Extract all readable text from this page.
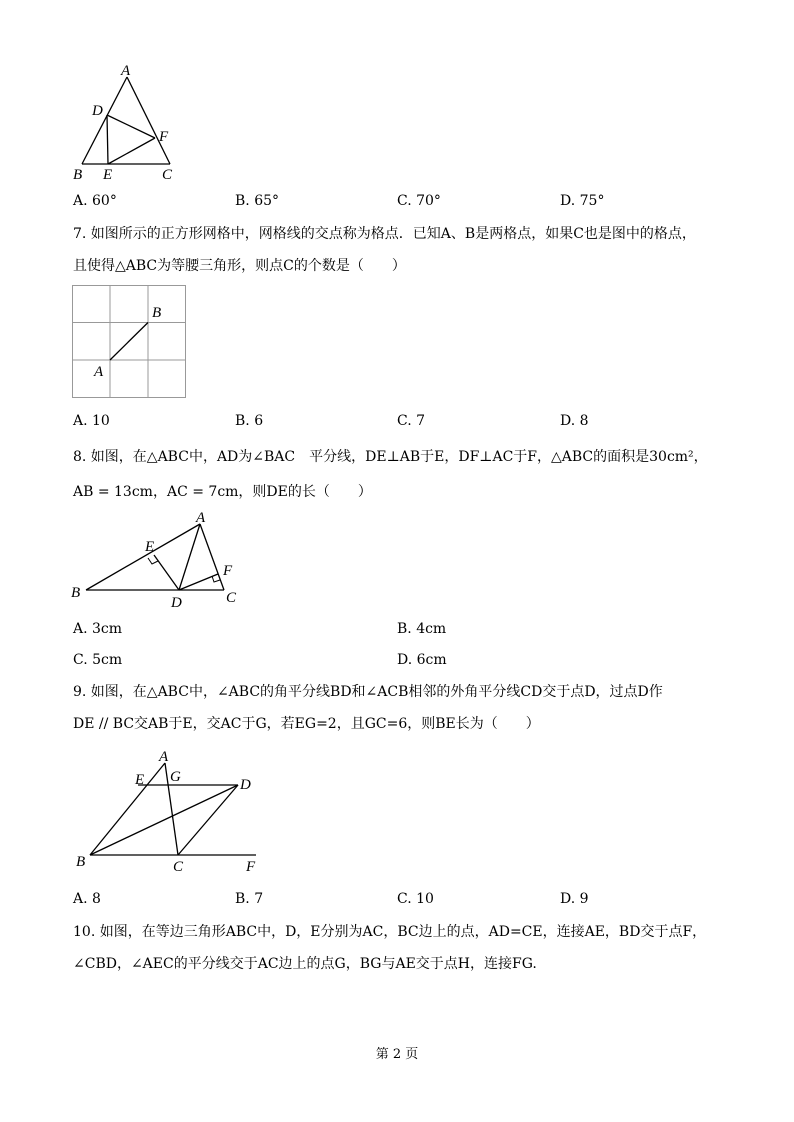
A
D
F
B E	C
A. 60°	B. 65°	C. 70°	D. 75°
7. 如图所示的正方形网格中，网格线的交点称为格点．已知A、B是两格点，如果C也是图中的格点，
且使得△ABC为等腰三角形，则点C的个数是（　　）
B
A
A. 10	B. 6	C. 7	D. 8
8. 如图，在△ABC中，AD为∠BAC　平分线，DE⊥AB于E，DF⊥AC于F，△ABC的面积是30cm²，
AB = 13cm，AC = 7cm，则DE的长（　　）
A
E
F
B
D	C
A. 3cm	B. 4cm
C. 5cm	D. 6cm
9. 如图，在△ABC中，∠ABC的角平分线BD和∠ACB相邻的外角平分线CD交于点D，过点D作
DE // BC交AB于E，交AC于G，若EG=2，且GC=6，则BE长为（　　）
A
E G	D
B	C	F
A. 8	B. 7	C. 10	D. 9
10. 如图，在等边三角形ABC中，D，E分别为AC，BC边上的点，AD=CE，连接AE，BD交于点F，
∠CBD，∠AEC的平分线交于AC边上的点G，BG与AE交于点H，连接FG.
第 2 页
